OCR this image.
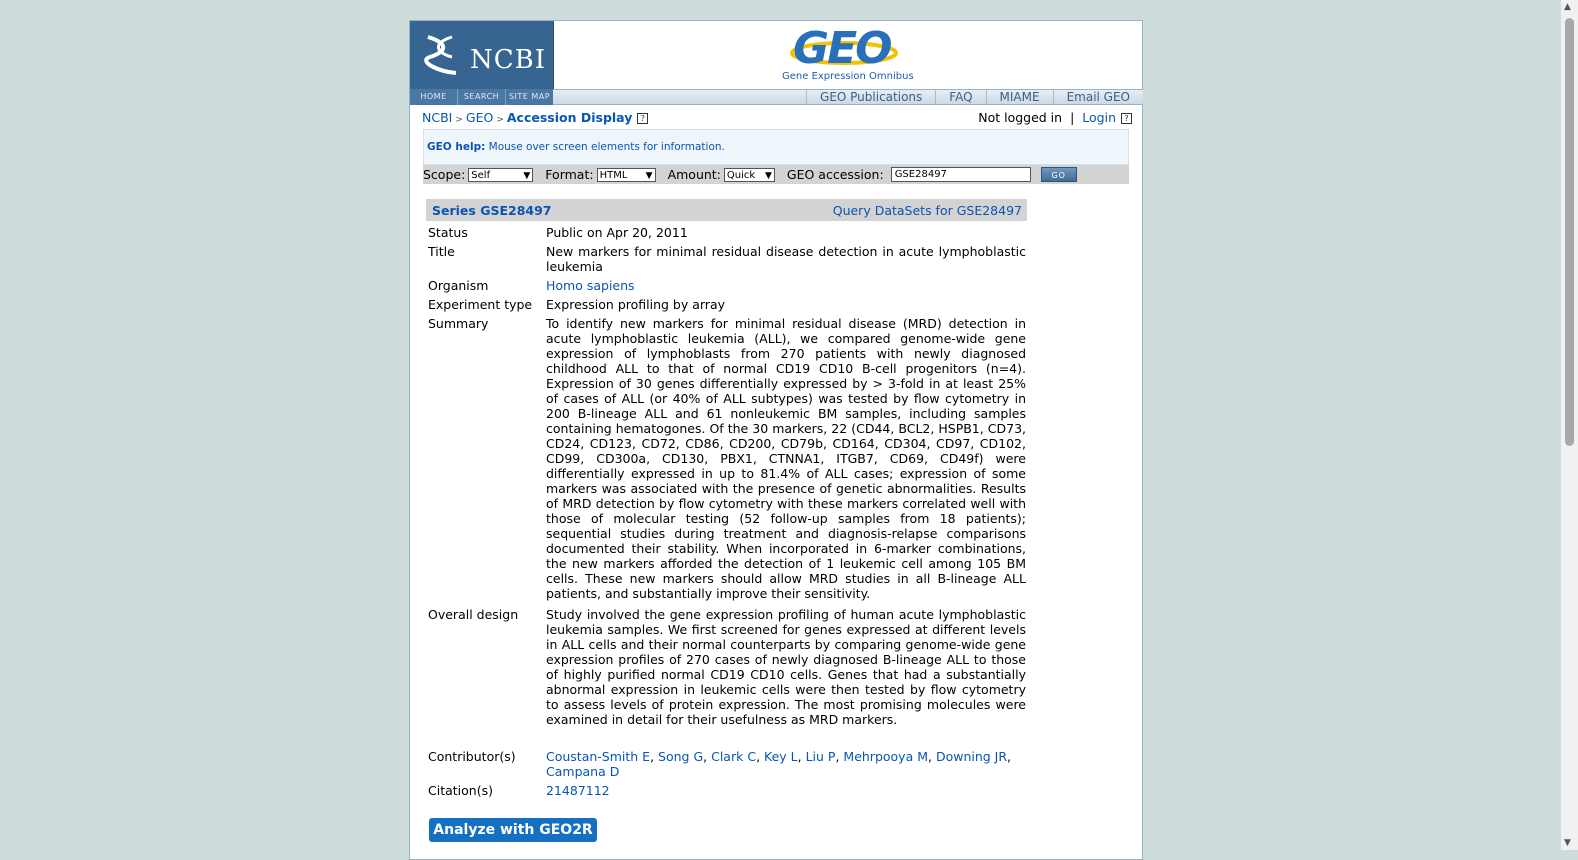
NCBI
HOME	SEARCH	SITE MAP
GEO
Gene Expression Omnibus
GEO Publications	FAQ	MIAME	Email GEO
NCBI > GEO > Accession Display ?	Not logged in | Login ?
GEO help: Mouse over screen elements for information.
Scope: Self	▼ Format: HTML ▼ Amount: Quick ▼ GEO accession:	GSE28497	GO
Series GSE28497	Query DataSets for GSE28497
Status	Public on Apr 20, 2011
Title	New markers for minimal residual disease detection in acute lymphoblastic leukemia
Organism	Homo sapiens
Experiment type	Expression profiling by array
Summary	To identify new markers for minimal residual disease (MRD) detection in acute lymphoblastic leukemia (ALL), we compared genome-wide gene expression of lymphoblasts from 270 patients with newly diagnosed childhood ALL to that of normal CD19 CD10 B-cell progenitors (n=4). Expression of 30 genes differentially expressed by > 3-fold in at least 25% of cases of ALL (or 40% of ALL subtypes) was tested by flow cytometry in 200 B-lineage ALL and 61 nonleukemic BM samples, including samples containing hematogones. Of the 30 markers, 22 (CD44, BCL2, HSPB1, CD73, CD24, CD123, CD72, CD86, CD200, CD79b, CD164, CD304, CD97, CD102, CD99, CD300a, CD130, PBX1, CTNNA1, ITGB7, CD69, CD49f) were differentially expressed in up to 81.4% of ALL cases; expression of some markers was associated with the presence of genetic abnormalities. Results of MRD detection by flow cytometry with these markers correlated well with those of molecular testing (52 follow-up samples from 18 patients); sequential studies during treatment and diagnosis-relapse comparisons documented their stability. When incorporated in 6-marker combinations, the new markers afforded the detection of 1 leukemic cell among 105 BM cells. These new markers should allow MRD studies in all B-lineage ALL patients, and substantially improve their sensitivity.
Overall design	Study involved the gene expression profiling of human acute lymphoblastic leukemia samples. We first screened for genes expressed at different levels in ALL cells and their normal counterparts by comparing genome-wide gene expression profiles of 270 cases of newly diagnosed B-lineage ALL to those of highly purified normal CD19 CD10 cells. Genes that had a substantially abnormal expression in leukemic cells were then tested by flow cytometry to assess levels of protein expression. The most promising molecules were examined in detail for their usefulness as MRD markers.
Contributor(s)	Coustan-Smith E, Song G, Clark C, Key L, Liu P, Mehrpooya M, Downing JR, Campana D
Citation(s)	21487112
Analyze with GEO2R
▲
▼
